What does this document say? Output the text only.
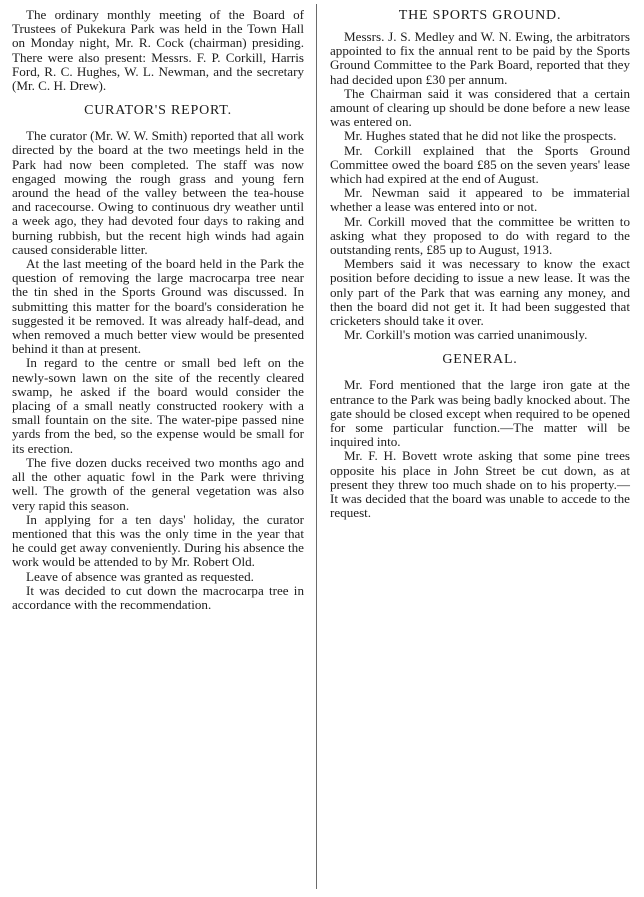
The ordinary monthly meeting of the Board of Trustees of Pukekura Park was held in the Town Hall on Monday night, Mr. R. Cock (chairman) presiding. There were also present: Messrs. F. P. Corkill, Harris Ford, R. C. Hughes, W. L. Newman, and the secretary (Mr. C. H. Drew).

CURATOR'S REPORT.

The curator (Mr. W. W. Smith) reported that all work directed by the board at the two meetings held in the Park had now been completed. The staff was now engaged mowing the rough grass and young fern around the head of the valley between the tea-house and racecourse. Owing to continuous dry weather until a week ago, they had devoted four days to raking and burning rubbish, but the recent high winds had again caused considerable litter.

At the last meeting of the board held in the Park the question of removing the large macrocarpa tree near the tin shed in the Sports Ground was discussed. In submitting this matter for the board's consideration he suggested it be removed. It was already half-dead, and when removed a much better view would be presented behind it than at present.

In regard to the centre or small bed left on the newly-sown lawn on the site of the recently cleared swamp, he asked if the board would consider the placing of a small neatly constructed rookery with a small fountain on the site. The water-pipe passed nine yards from the bed, so the expense would be small for its erection.

The five dozen ducks received two months ago and all the other aquatic fowl in the Park were thriving well. The growth of the general vegetation was also very rapid this season.

In applying for a ten days' holiday, the curator mentioned that this was the only time in the year that he could get away conveniently. During his absence the work would be attended to by Mr. Robert Old.

Leave of absence was granted as requested.

It was decided to cut down the macrocarpa tree in accordance with the recommendation.

THE SPORTS GROUND.

Messrs. J. S. Medley and W. N. Ewing, the arbitrators appointed to fix the annual rent to be paid by the Sports Ground Committee to the Park Board, reported that they had decided upon £30 per annum.

The Chairman said it was considered that a certain amount of clearing up should be done before a new lease was entered on.

Mr. Hughes stated that he did not like the prospects.

Mr. Corkill explained that the Sports Ground Committee owed the board £85 on the seven years' lease which had expired at the end of August.

Mr. Newman said it appeared to be immaterial whether a lease was entered into or not.

Mr. Corkill moved that the committee be written to asking what they proposed to do with regard to the outstanding rents, £85 up to August, 1913.

Members said it was necessary to know the exact position before deciding to issue a new lease. It was the only part of the Park that was earning any money, and then the board did not get it. It had been suggested that cricketers should take it over.

Mr. Corkill's motion was carried unanimously.

GENERAL.

Mr. Ford mentioned that the large iron gate at the entrance to the Park was being badly knocked about. The gate should be closed except when required to be opened for some particular function.—The matter will be inquired into.

Mr. F. H. Bovett wrote asking that some pine trees opposite his place in John Street be cut down, as at present they threw too much shade on to his property.—It was decided that the board was unable to accede to the request.
